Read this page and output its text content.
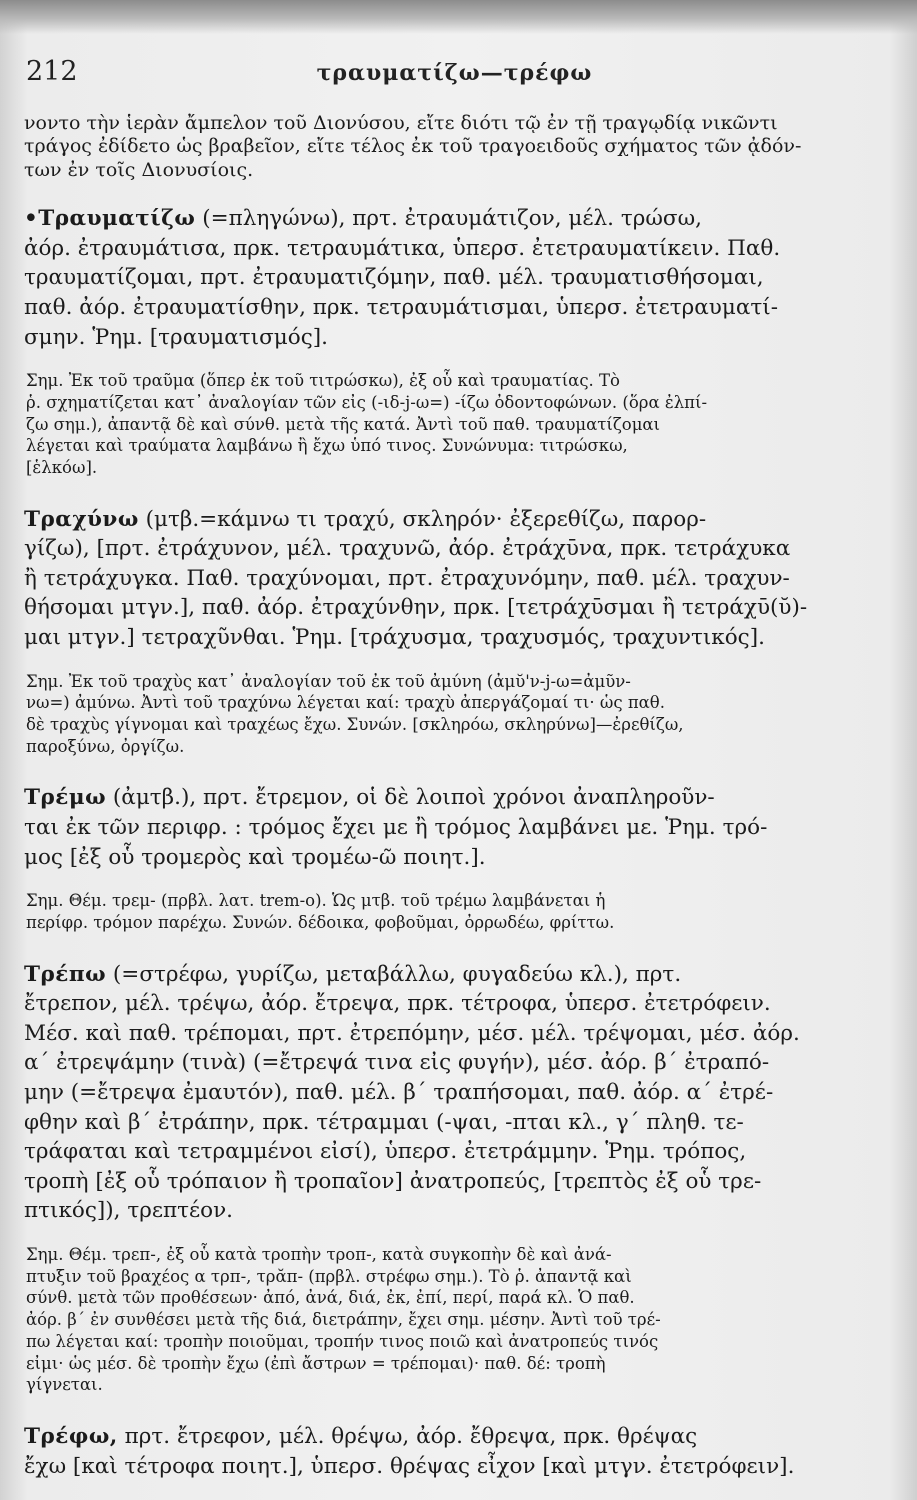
212	τραυματίζω—τρέφω

νοντο τὴν ἱερὰν ἄμπελον τοῦ Διονύσου, εἴτε διότι τῷ ἐν τῇ τραγῳδίᾳ νικῶντι
τράγος ἐδίδετο ὡς βραβεῖον, εἴτε τέλος ἐκ τοῦ τραγοειδοῦς σχήματος τῶν ᾀδόν-
των ἐν τοῖς Διονυσίοις.

•Τραυματίζω (=πληγώνω), πρτ. ἐτραυμάτιζον, μέλ. τρώσω,
ἀόρ. ἐτραυμάτισα, πρκ. τετραυμάτικα, ὑπερσ. ἐτετραυματίκειν. Παθ.
τραυματίζομαι, πρτ. ἐτραυματιζόμην, παθ. μέλ. τραυματισθήσομαι,
παθ. ἀόρ. ἐτραυματίσθην, πρκ. τετραυμάτισμαι, ὑπερσ. ἐτετραυματί-
σμην. Ῥημ. [τραυματισμός].

Σημ. Ἐκ τοῦ τραῦμα (ὅπερ ἐκ τοῦ τιτρώσκω), ἐξ οὗ καὶ τραυματίας. Τὸ
ῥ. σχηματίζεται κατ᾽ ἀναλογίαν τῶν εἰς (-ιδ-j-ω=) -ίζω ὀδοντοφώνων. (ὅρα ἐλπί-
ζω σημ.), ἀπαντᾷ δὲ καὶ σύνθ. μετὰ τῆς κατά. Ἀντὶ τοῦ παθ. τραυματίζομαι
λέγεται καὶ τραύματα λαμβάνω ἢ ἔχω ὑπό τινος. Συνώνυμα: τιτρώσκω,
[ἑλκόω].

Τραχύνω (μτβ.=κάμνω τι τραχύ, σκληρόν· ἐξερεθίζω, παρορ-
γίζω), [πρτ. ἐτράχυνον, μέλ. τραχυνῶ, ἀόρ. ἐτράχῡνα, πρκ. τετράχυκα
ἢ τετράχυγκα. Παθ. τραχύνομαι, πρτ. ἐτραχυνόμην, παθ. μέλ. τραχυν-
θήσομαι μτγν.], παθ. ἀόρ. ἐτραχύνθην, πρκ. [τετράχῡσμαι ἢ τετράχῡ(ῠ)-
μαι μτγν.] τετραχῦνθαι. Ῥημ. [τράχυσμα, τραχυσμός, τραχυντικός].

Σημ. Ἐκ τοῦ τραχὺς κατ᾽ ἀναλογίαν τοῦ ἐκ τοῦ ἀμύνη (ἀμῠ'ν-j-ω=ἀμῦν-
νω=) ἀμύνω. Ἀντὶ τοῦ τραχύνω λέγεται καί: τραχὺ ἀπεργάζομαί τι· ὡς παθ.
δὲ τραχὺς γίγνομαι καὶ τραχέως ἔχω. Συνών. [σκληρόω, σκληρύνω]—ἐρεθίζω,
παροξύνω, ὀργίζω.

Τρέμω (ἀμτβ.), πρτ. ἔτρεμον, οἱ δὲ λοιποὶ χρόνοι ἀναπληροῦν-
ται ἐκ τῶν περιφρ. : τρόμος ἔχει με ἢ τρόμος λαμβάνει με. Ῥημ. τρό-
μος [ἐξ οὗ τρομερὸς καὶ τρομέω-ῶ ποιητ.].

Σημ. Θέμ. τρεμ- (πρβλ. λατ. trem-o). Ὡς μτβ. τοῦ τρέμω λαμβάνεται ἡ
περίφρ. τρόμον παρέχω. Συνών. δέδοικα, φοβοῦμαι, ὀρρωδέω, φρίττω.

Τρέπω (=στρέφω, γυρίζω, μεταβάλλω, φυγαδεύω κλ.), πρτ.
ἔτρεπον, μέλ. τρέψω, ἀόρ. ἔτρεψα, πρκ. τέτροφα, ὑπερσ. ἐτετρόφειν.
Μέσ. καὶ παθ. τρέπομαι, πρτ. ἐτρεπόμην, μέσ. μέλ. τρέψομαι, μέσ. ἀόρ.
α΄ ἐτρεψάμην (τινὰ) (=ἔτρεψά τινα εἰς φυγήν), μέσ. ἀόρ. β΄ ἐτραπό-
μην (=ἔτρεψα ἐμαυτόν), παθ. μέλ. β΄ τραπήσομαι, παθ. ἀόρ. α΄ ἐτρέ-
φθην καὶ β΄ ἐτράπην, πρκ. τέτραμμαι (-ψαι, -πται κλ., γ΄ πληθ. τε-
τράφαται καὶ τετραμμένοι εἰσί), ὑπερσ. ἐτετράμμην. Ῥημ. τρόπος,
τροπὴ [ἐξ οὗ τρόπαιον ἢ τροπαῖον] ἀνατροπεύς, [τρεπτὸς ἐξ οὗ τρε-
πτικός]), τρεπτέον.

Σημ. Θέμ. τρεπ-, ἐξ οὗ κατὰ τροπὴν τροπ-, κατὰ συγκοπὴν δὲ καὶ ἀνά-
πτυξιν τοῦ βραχέος α τρπ-, τρᾰπ- (πρβλ. στρέφω σημ.). Τὸ ῥ. ἀπαντᾷ καὶ
σύνθ. μετὰ τῶν προθέσεων· ἀπό, ἀνά, διά, ἐκ, ἐπί, περί, παρά κλ. Ὁ παθ.
ἀόρ. β΄ ἐν συνθέσει μετὰ τῆς διά, διετράπην, ἔχει σημ. μέσην. Ἀντὶ τοῦ τρέ-
πω λέγεται καί: τροπὴν ποιοῦμαι, τροπήν τινος ποιῶ καὶ ἀνατροπεύς τινός
εἰμι· ὡς μέσ. δὲ τροπὴν ἔχω (ἐπὶ ἄστρων = τρέπομαι)· παθ. δέ: τροπὴ
γίγνεται.

Τρέφω, πρτ. ἔτρεφον, μέλ. θρέψω, ἀόρ. ἔθρεψα, πρκ. θρέψας
ἔχω [καὶ τέτροφα ποιητ.], ὑπερσ. θρέψας εἶχον [καὶ μτγν. ἐτετρόφειν].
